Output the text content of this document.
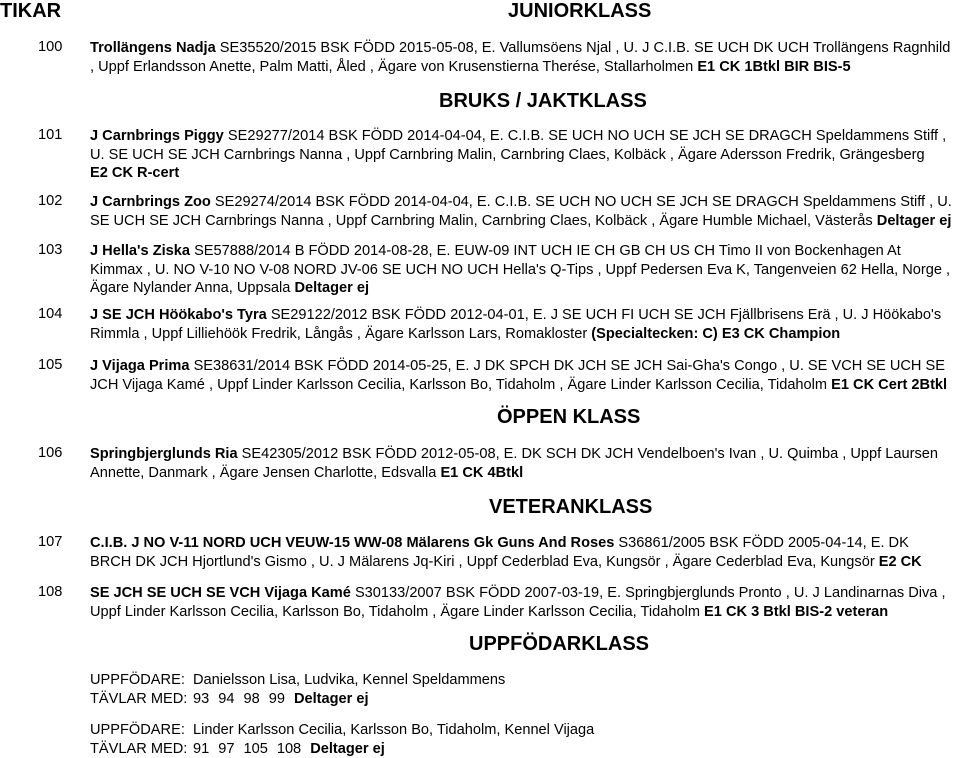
TIKAR	JUNIORKLASS
100 Trollängens Nadja SE35520/2015 BSK FÖDD 2015-05-08, E. Vallumsöens Njal , U. J C.I.B. SE UCH DK UCH Trollängens Ragnhild , Uppf Erlandsson Anette, Palm Matti, Åled , Ägare von Krusenstierna Therése, Stallarholmen E1 CK 1Btkl BIR BIS-5
BRUKS / JAKTKLASS
101 J Carnbrings Piggy SE29277/2014 BSK FÖDD 2014-04-04, E. C.I.B. SE UCH NO UCH SE JCH SE DRAGCH Speldammens Stiff , U. SE UCH SE JCH Carnbrings Nanna , Uppf Carnbring Malin, Carnbring Claes, Kolbäck , Ägare Adersson Fredrik, Grängesberg
E2 CK R-cert
102 J Carnbrings Zoo SE29274/2014 BSK FÖDD 2014-04-04, E. C.I.B. SE UCH NO UCH SE JCH SE DRAGCH Speldammens Stiff , U. SE UCH SE JCH Carnbrings Nanna , Uppf Carnbring Malin, Carnbring Claes, Kolbäck , Ägare Humble Michael, Västerås Deltager ej
103 J Hella's Ziska SE57888/2014 B FÖDD 2014-08-28, E. EUW-09 INT UCH IE CH GB CH US CH Timo II von Bockenhagen At Kimmax , U. NO V-10 NO V-08 NORD JV-06 SE UCH NO UCH Hella's Q-Tips , Uppf Pedersen Eva K, Tangenveien 62 Hella, Norge , Ägare Nylander Anna, Uppsala Deltager ej
104 J SE JCH Höökabo's Tyra SE29122/2012 BSK FÖDD 2012-04-01, E. J SE UCH FI UCH SE JCH Fjällbrisens Erä , U. J Höökabo's Rimmla , Uppf Lilliehöök Fredrik, Långås , Ägare Karlsson Lars, Romakloster (Specialtecken: C) E3 CK Champion
105 J Vijaga Prima SE38631/2014 BSK FÖDD 2014-05-25, E. J DK SPCH DK JCH SE JCH Sai-Gha's Congo , U. SE VCH SE UCH SE JCH Vijaga Kamé , Uppf Linder Karlsson Cecilia, Karlsson Bo, Tidaholm , Ägare Linder Karlsson Cecilia, Tidaholm E1 CK Cert 2Btkl
ÖPPEN KLASS
106 Springbjerglunds Ria SE42305/2012 BSK FÖDD 2012-05-08, E. DK SCH DK JCH Vendelboen's Ivan , U. Quimba , Uppf Laursen Annette, Danmark , Ägare Jensen Charlotte, Edsvalla E1 CK 4Btkl
VETERANKLASS
107 C.I.B. J NO V-11 NORD UCH VEUW-15 WW-08 Mälarens Gk Guns And Roses S36861/2005 BSK FÖDD 2005-04-14, E. DK BRCH DK JCH Hjortlund's Gismo , U. J Mälarens Jq-Kiri , Uppf Cederblad Eva, Kungsör , Ägare Cederblad Eva, Kungsör E2 CK
108 SE JCH SE UCH SE VCH Vijaga Kamé S30133/2007 BSK FÖDD 2007-03-19, E. Springbjerglunds Pronto , U. J Landinarnas Diva , Uppf Linder Karlsson Cecilia, Karlsson Bo, Tidaholm , Ägare Linder Karlsson Cecilia, Tidaholm E1 CK 3 Btkl BIS-2 veteran
UPPFÖDARKLASS
UPPFÖDARE: Danielsson Lisa, Ludvika, Kennel Speldammens
TÄVLAR MED: 93 94 98 99 Deltager ej
UPPFÖDARE: Linder Karlsson Cecilia, Karlsson Bo, Tidaholm, Kennel Vijaga
TÄVLAR MED: 91 97 105 108 Deltager ej
